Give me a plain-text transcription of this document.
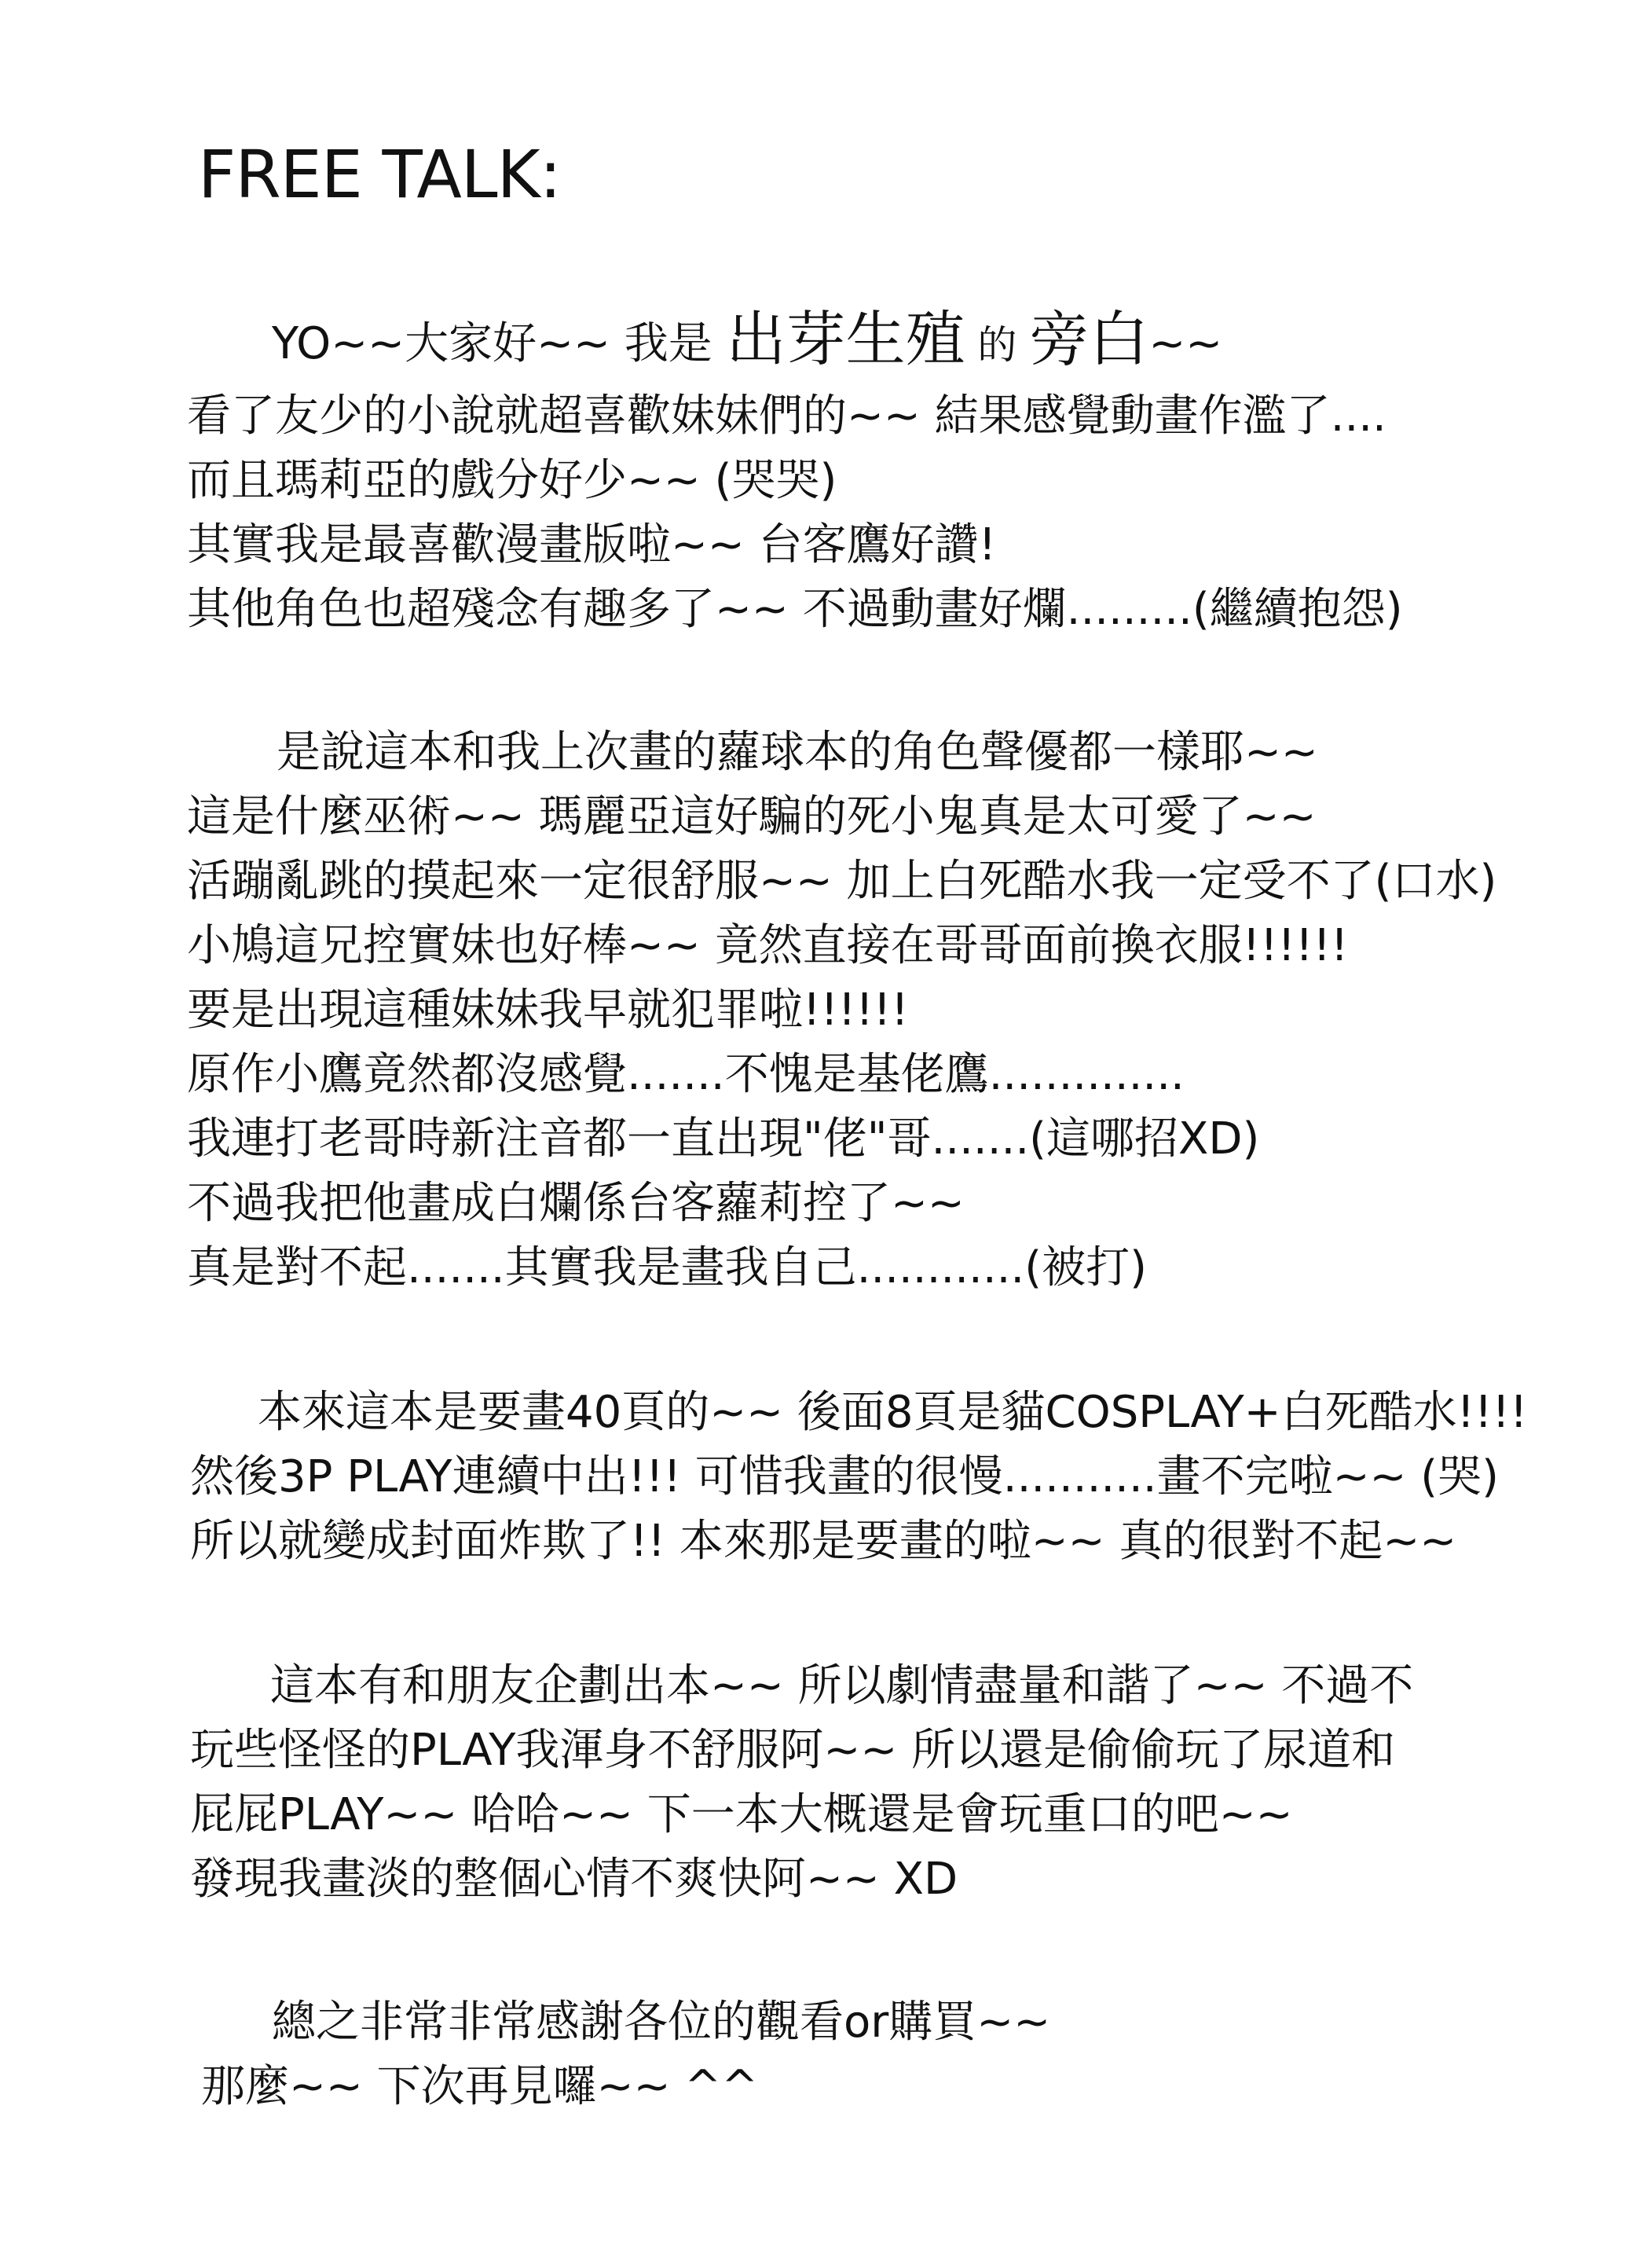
FREE TALK:
YO~~大家好~~ 我是 出芽生殖 的 旁白~~
看了友少的小說就超喜歡妹妹們的~~ 結果感覺動畫作濫了....
而且瑪莉亞的戲分好少~~ (哭哭)
其實我是最喜歡漫畫版啦~~ 台客鷹好讚!
其他角色也超殘念有趣多了~~ 不過動畫好爛.........(繼續抱怨)
是說這本和我上次畫的蘿球本的角色聲優都一樣耶~~
這是什麼巫術~~ 瑪麗亞這好騙的死小鬼真是太可愛了~~
活蹦亂跳的摸起來一定很舒服~~ 加上白死酷水我一定受不了(口水)
小鳩這兄控實妹也好棒~~ 竟然直接在哥哥面前換衣服!!!!!!
要是出現這種妹妹我早就犯罪啦!!!!!!
原作小鷹竟然都沒感覺.......不愧是基佬鷹..............
我連打老哥時新注音都一直出現"佬"哥.......(這哪招XD)
不過我把他畫成白爛係台客蘿莉控了~~
真是對不起.......其實我是畫我自己............(被打)
本來這本是要畫40頁的~~ 後面8頁是貓COSPLAY+白死酷水!!!!
然後3P PLAY連續中出!!! 可惜我畫的很慢...........畫不完啦~~ (哭)
所以就變成封面炸欺了!! 本來那是要畫的啦~~ 真的很對不起~~
這本有和朋友企劃出本~~ 所以劇情盡量和諧了~~ 不過不
玩些怪怪的PLAY我渾身不舒服阿~~ 所以還是偷偷玩了尿道和
屁屁PLAY~~ 哈哈~~ 下一本大概還是會玩重口的吧~~
發現我畫淡的整個心情不爽快阿~~ XD
總之非常非常感謝各位的觀看or購買~~
那麼~~ 下次再見囉~~ ^^
